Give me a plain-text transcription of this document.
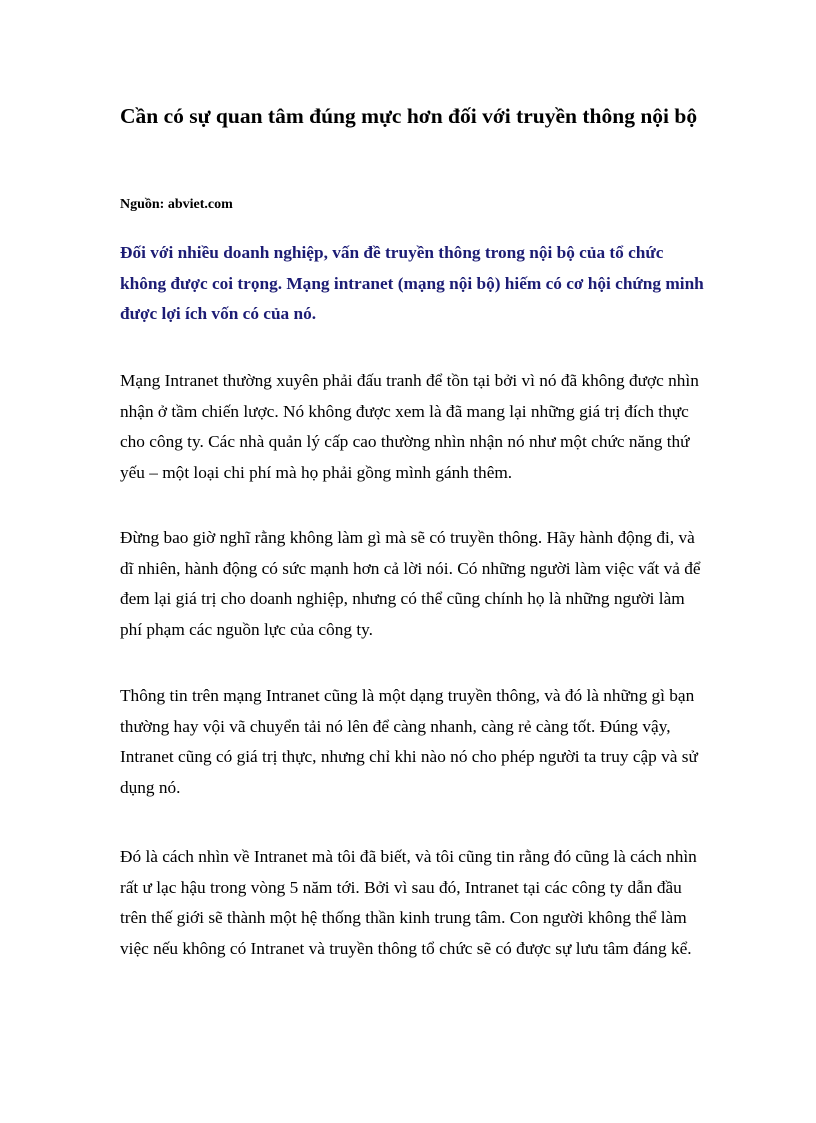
Cần có sự quan tâm đúng mực hơn đối với truyền thông nội bộ

Nguồn: abviet.com

Đối với nhiều doanh nghiệp, vấn đề truyền thông trong nội bộ của tổ chức không được coi trọng. Mạng intranet (mạng nội bộ) hiếm có cơ hội chứng minh được lợi ích vốn có của nó.

Mạng Intranet thường xuyên phải đấu tranh để tồn tại bởi vì nó đã không được nhìn nhận ở tầm chiến lược. Nó không được xem là đã mang lại những giá trị đích thực cho công ty. Các nhà quản lý cấp cao thường nhìn nhận nó như một chức năng thứ yếu – một loại chi phí mà họ phải gồng mình gánh thêm.

Đừng bao giờ nghĩ rằng không làm gì mà sẽ có truyền thông. Hãy hành động đi, và dĩ nhiên, hành động có sức mạnh hơn cả lời nói. Có những người làm việc vất vả để đem lại giá trị cho doanh nghiệp, nhưng có thể cũng chính họ là những người làm phí phạm các nguồn lực của công ty.

Thông tin trên mạng Intranet cũng là một dạng truyền thông, và đó là những gì bạn thường hay vội vã chuyển tải nó lên để càng nhanh, càng rẻ càng tốt. Đúng vậy, Intranet cũng có giá trị thực, nhưng chỉ khi nào nó cho phép người ta truy cập và sử dụng nó.

Đó là cách nhìn về Intranet mà tôi đã biết, và tôi cũng tin rằng đó cũng là cách nhìn rất ư lạc hậu trong vòng 5 năm tới. Bởi vì sau đó, Intranet tại các công ty dẫn đầu trên thế giới sẽ thành một hệ thống thần kinh trung tâm. Con người không thể làm việc nếu không có Intranet và truyền thông tổ chức sẽ có được sự lưu tâm đáng kể.
